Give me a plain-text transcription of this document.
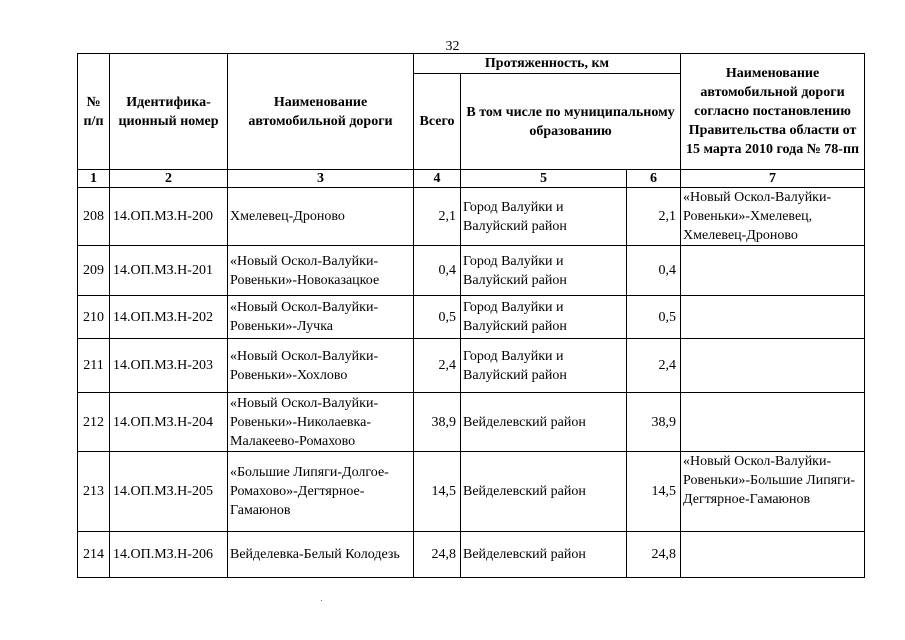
32
№ п/п	Идентифика-ционный номер	Наименование автомобильной дороги	Протяженность, км			Наименование автомобильной дороги согласно постановлению Правительства области от 15 марта 2010 года № 78-пп
			Всего	В том числе по муниципальному образованию		
1	2	3	4	5	6	7
208	14.ОП.МЗ.Н-200	Хмелевец-Дроново	2,1	Город Валуйки и Валуйский район	2,1	«Новый Оскол-Валуйки-Ровеньки»-Хмелевец, Хмелевец-Дроново
209	14.ОП.МЗ.Н-201	«Новый Оскол-Валуйки-Ровеньки»-Новоказацкое	0,4	Город Валуйки и Валуйский район	0,4	
210	14.ОП.МЗ.Н-202	«Новый Оскол-Валуйки-Ровеньки»-Лучка	0,5	Город Валуйки и Валуйский район	0,5	
211	14.ОП.МЗ.Н-203	«Новый Оскол-Валуйки-Ровеньки»-Хохлово	2,4	Город Валуйки и Валуйский район	2,4	
212	14.ОП.МЗ.Н-204	«Новый Оскол-Валуйки-Ровеньки»-Николаевка-Малакеево-Ромахово	38,9	Вейделевский район	38,9	
213	14.ОП.МЗ.Н-205	«Большие Липяги-Долгое-Ромахово»-Дегтярное-Гамаюнов	14,5	Вейделевский район	14,5	«Новый Оскол-Валуйки-Ровеньки»-Большие Липяги-Дегтярное-Гамаюнов
214	14.ОП.МЗ.Н-206	Вейделевка-Белый Колодезь	24,8	Вейделевский район	24,8	
